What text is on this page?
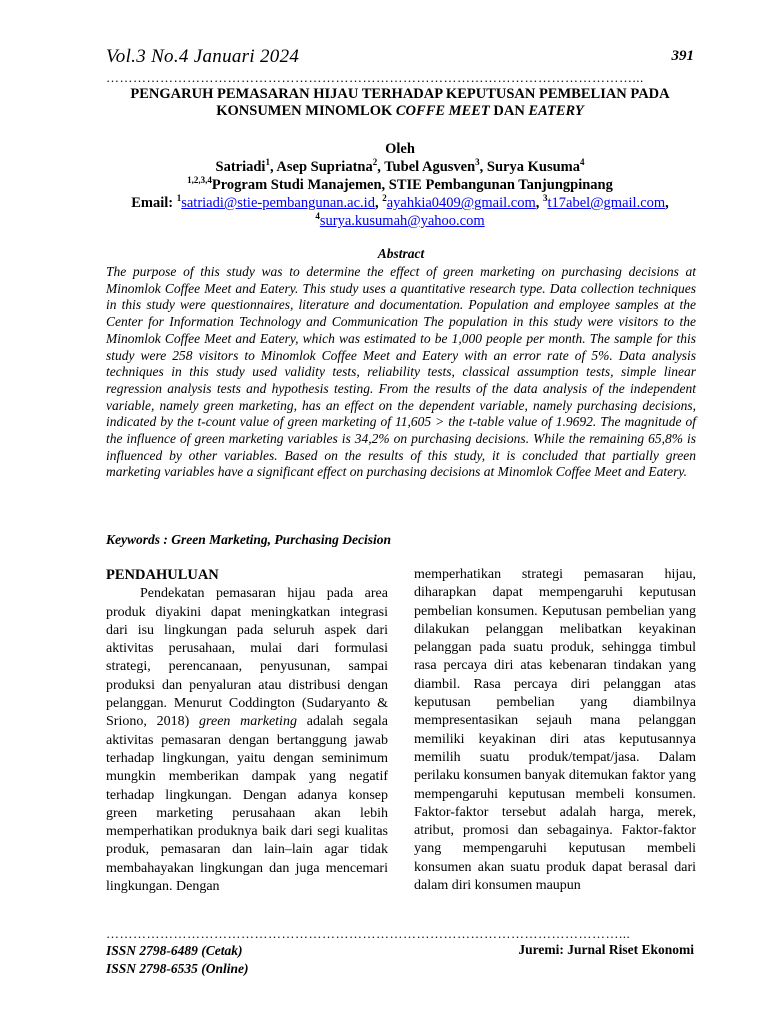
Vol.3 No.4 Januari 2024	391
………………………………………………………………………………………………………...
PENGARUH PEMASARAN HIJAU TERHADAP KEPUTUSAN PEMBELIAN PADA
KONSUMEN MINOMLOK COFFE MEET DAN EATERY
Oleh
Satriadi$^1$, Asep Supriatna$^2$, Tubel Agusven$^3$, Surya Kusuma$^4$
$^{1,2,3,4}$Program Studi Manajemen, STIE Pembangunan Tanjungpinang
Email: $^1$satriadi@stie-pembangunan.ac.id, $^2$ayahkia0409@gmail.com, $^3$t17abel@gmail.com,
$^4$surya.kusumah@yahoo.com
Abstract
The purpose of this study was to determine the effect of green marketing on purchasing decisions at Minomlok Coffee Meet and Eatery. This study uses a quantitative research type. Data collection techniques in this study were questionnaires, literature and documentation. Population and employee samples at the Center for Information Technology and Communication The population in this study were visitors to the Minomlok Coffee Meet and Eatery, which was estimated to be 1,000 people per month. The sample for this study were 258 visitors to Minomlok Coffee Meet and Eatery with an error rate of 5%. Data analysis techniques in this study used validity tests, reliability tests, classical assumption tests, simple linear regression analysis tests and hypothesis testing. From the results of the data analysis of the independent variable, namely green marketing, has an effect on the dependent variable, namely purchasing decisions, indicated by the t-count value of green marketing of 11,605 > the t-table value of 1.9692. The magnitude of the influence of green marketing variables is 34,2% on purchasing decisions. While the remaining 65,8% is influenced by other variables. Based on the results of this study, it is concluded that partially green marketing variables have a significant effect on purchasing decisions at Minomlok Coffee Meet and Eatery.
Keywords : Green Marketing, Purchasing Decision
PENDAHULUAN

Pendekatan pemasaran hijau pada area produk diyakini dapat meningkatkan integrasi dari isu lingkungan pada seluruh aspek dari aktivitas perusahaan, mulai dari formulasi strategi, perencanaan, penyusunan, sampai produksi dan penyaluran atau distribusi dengan pelanggan. Menurut Coddington (Sudaryanto & Sriono, 2018) green marketing adalah segala aktivitas pemasaran dengan bertanggung jawab terhadap lingkungan, yaitu dengan seminimum mungkin memberikan dampak yang negatif terhadap lingkungan. Dengan adanya konsep green marketing perusahaan akan lebih memperhatikan produknya baik dari segi kualitas produk, pemasaran dan lain–lain agar tidak membahayakan lingkungan dan juga mencemari lingkungan. Dengan

memperhatikan strategi pemasaran hijau, diharapkan dapat mempengaruhi keputusan pembelian konsumen. Keputusan pembelian yang dilakukan pelanggan melibatkan keyakinan pelanggan pada suatu produk, sehingga timbul rasa percaya diri atas kebenaran tindakan yang diambil. Rasa percaya diri pelanggan atas keputusan pembelian yang diambilnya mempresentasikan sejauh mana pelanggan memiliki keyakinan diri atas keputusannya memilih suatu produk/tempat/jasa. Dalam perilaku konsumen banyak ditemukan faktor yang mempengaruhi keputusan membeli konsumen. Faktor-faktor tersebut adalah harga, merek, atribut, promosi dan sebagainya. Faktor-faktor yang mempengaruhi keputusan membeli konsumen akan suatu produk dapat berasal dari dalam diri konsumen maupun

……………………………………………………………………………………………………...
ISSN 2798-6489 (Cetak)
ISSN 2798-6535 (Online)
Juremi: Jurnal Riset Ekonomi
